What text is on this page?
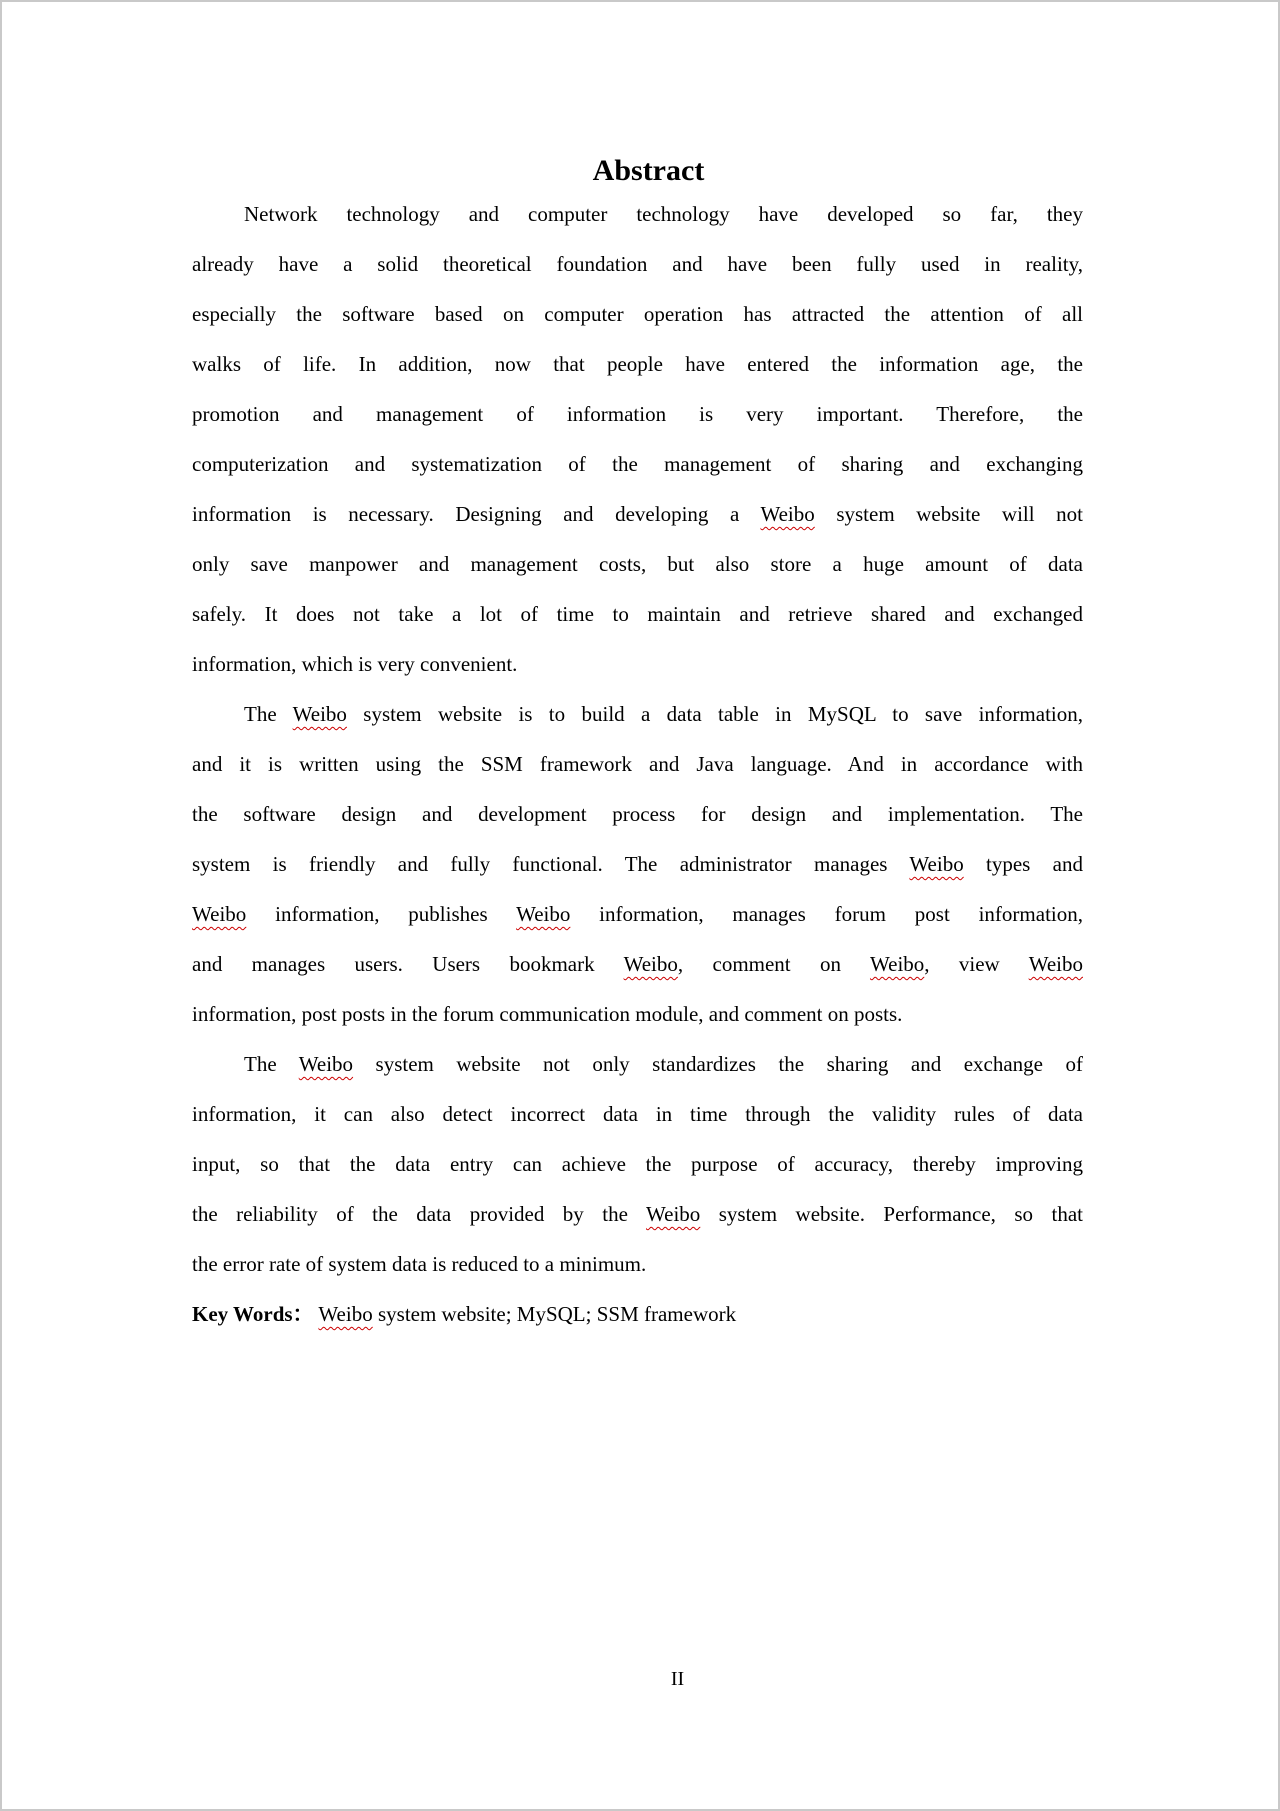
Abstract
Network technology and computer technology have developed so far, they
already have a solid theoretical foundation and have been fully used in reality,
especially the software based on computer operation has attracted the attention of all
walks of life. In addition, now that people have entered the information age, the
promotion and management of information is very important. Therefore, the
computerization and systematization of the management of sharing and exchanging
information is necessary. Designing and developing a Weibo system website will not
only save manpower and management costs, but also store a huge amount of data
safely. It does not take a lot of time to maintain and retrieve shared and exchanged
information, which is very convenient.
The Weibo system website is to build a data table in MySQL to save information,
and it is written using the SSM framework and Java language. And in accordance with
the software design and development process for design and implementation. The
system is friendly and fully functional. The administrator manages Weibo types and
Weibo information, publishes Weibo information, manages forum post information,
and manages users. Users bookmark Weibo, comment on Weibo, view Weibo
information, post posts in the forum communication module, and comment on posts.
The Weibo system website not only standardizes the sharing and exchange of
information, it can also detect incorrect data in time through the validity rules of data
input, so that the data entry can achieve the purpose of accuracy, thereby improving
the reliability of the data provided by the Weibo system website. Performance, so that
the error rate of system data is reduced to a minimum.
Key Words： Weibo system website; MySQL; SSM framework
II
